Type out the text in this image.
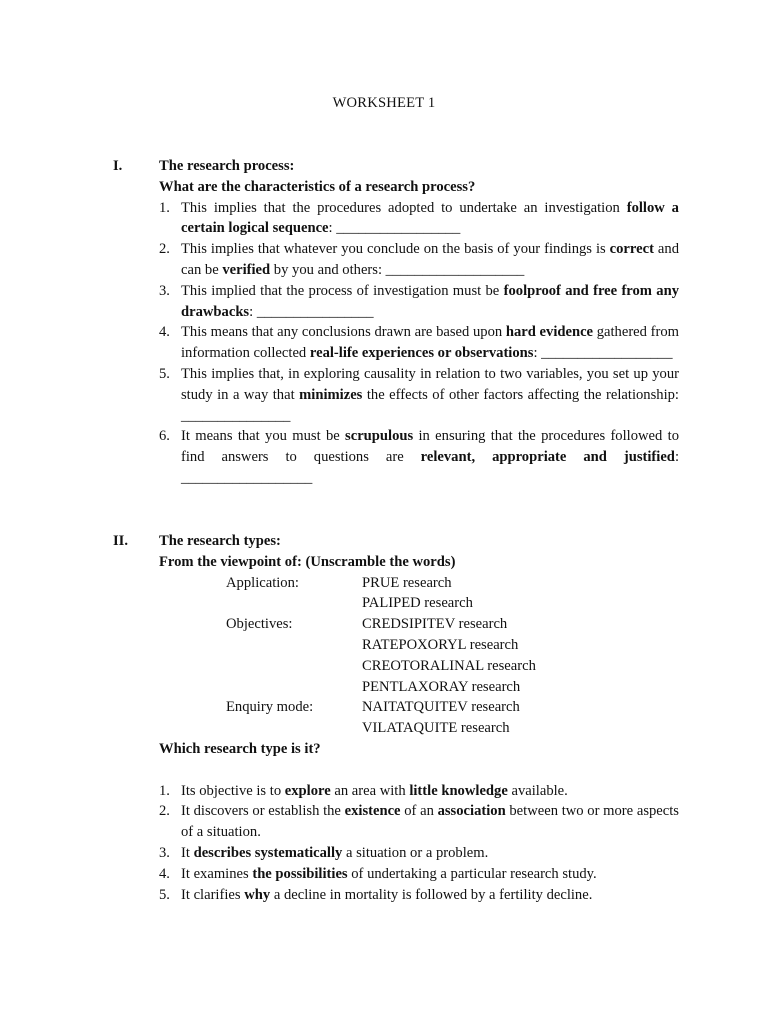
WORKSHEET 1
I.	The research process:
What are the characteristics of a research process?
1. This implies that the procedures adopted to undertake an investigation follow a certain logical sequence: _________________
2. This implies that whatever you conclude on the basis of your findings is correct and can be verified by you and others: ___________________
3. This implied that the process of investigation must be foolproof and free from any drawbacks: ________________
4. This means that any conclusions drawn are based upon hard evidence gathered from information collected real-life experiences or observations: __________________
5. This implies that, in exploring causality in relation to two variables, you set up your study in a way that minimizes the effects of other factors affecting the relationship: _______________
6. It means that you must be scrupulous in ensuring that the procedures followed to find answers to questions are relevant, appropriate and justified: __________________
II. The research types:
From the viewpoint of: (Unscramble the words)
Application:	PRUE research
PALIPED research
Objectives:	CREDSIPITEV research
RATEPOXORYL research
CREOTORALINAL research
PENTLAXORAY research
Enquiry mode:	NAITATQUITEV research
VILATAQUITE research
Which research type is it?
1. Its objective is to explore an area with little knowledge available.
2. It discovers or establish the existence of an association between two or more aspects of a situation.
3. It describes systematically a situation or a problem.
4. It examines the possibilities of undertaking a particular research study.
5. It clarifies why a decline in mortality is followed by a fertility decline.
